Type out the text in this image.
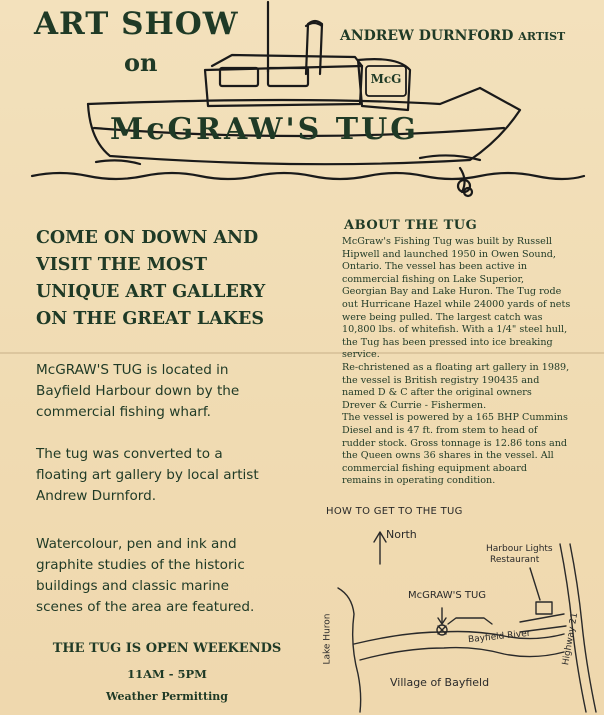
ART SHOW
on
ANDREW DURNFORD ARTIST
McG
McGRAW'S TUG
COME ON DOWN AND
VISIT THE MOST
UNIQUE ART GALLERY
ON THE GREAT LAKES

McGRAW'S TUG is located in
Bayfield Harbour down by the
commercial fishing wharf.

The tug was converted to a
floating art gallery by local artist
Andrew Durnford.

Watercolour, pen and ink and
graphite studies of the historic
buildings and classic marine
scenes of the area are featured.

THE TUG IS OPEN WEEKENDS
11AM - 5PM
Weather Permitting
ABOUT THE TUG

McGraw's Fishing Tug was built by Russell
Hipwell and launched 1950 in Owen Sound,
Ontario. The vessel has been active in
commercial fishing on Lake Superior,
Georgian Bay and Lake Huron. The Tug rode
out Hurricane Hazel while 24000 yards of nets
were being pulled. The largest catch was
10,800 lbs. of whitefish. With a 1/4" steel hull,
the Tug has been pressed into ice breaking
service.

Re-christened as a floating art gallery in 1989,
the vessel is British registry 190435 and
named D & C after the original owners
Drever & Currie - Fishermen.

The vessel is powered by a 165 BHP Cummins
Diesel and is 47 ft. from stem to head of
rudder stock. Gross tonnage is 12.86 tons and
the Queen owns 36 shares in the vessel. All
commercial fishing equipment aboard
remains in operating condition.

HOW TO GET TO THE TUG
North
Harbour Lights
Restaurant
McGRAW'S TUG
Lake Huron	Bayfield River	Highway 21
Village of Bayfield
